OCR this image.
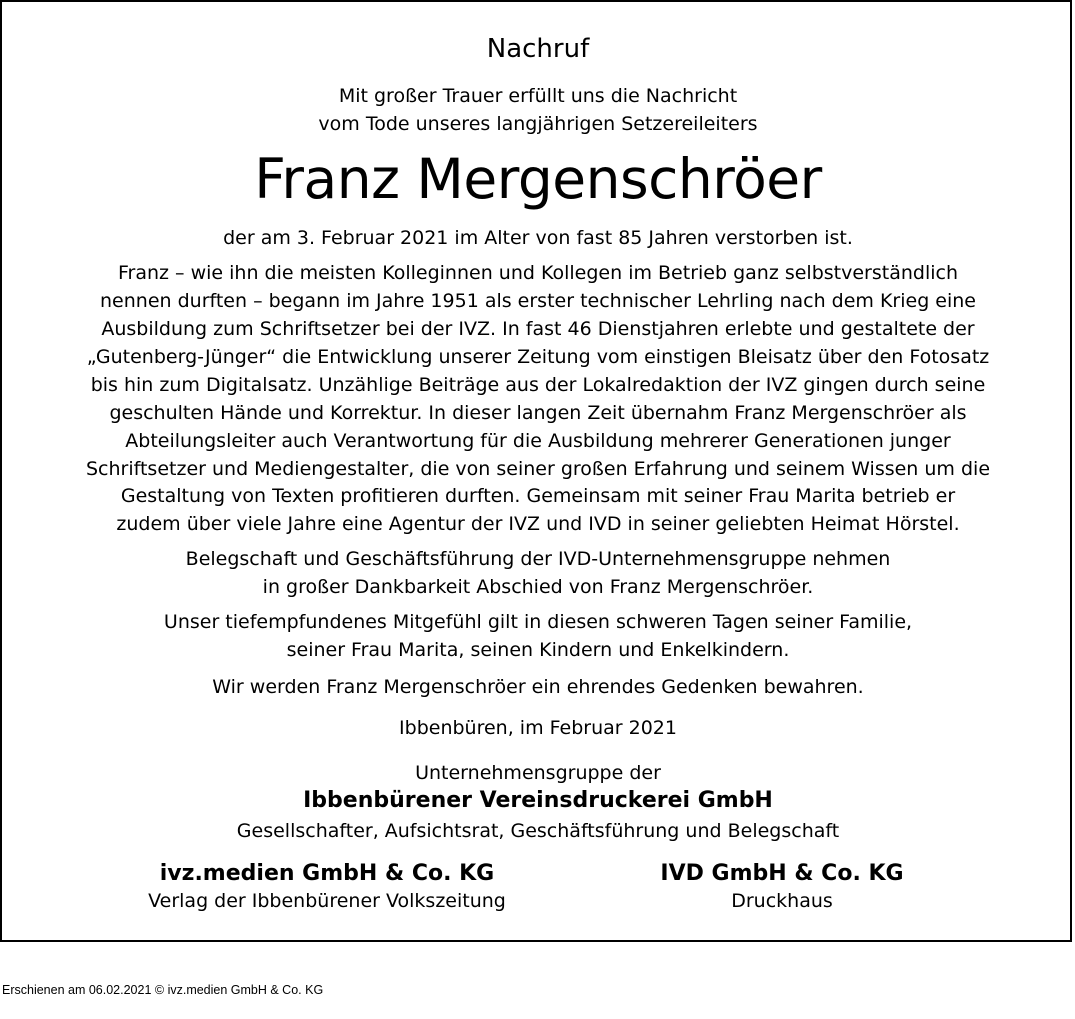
Nachruf
Mit großer Trauer erfüllt uns die Nachricht
vom Tode unseres langjährigen Setzereileiters
Franz Mergenschröer
der am 3. Februar 2021 im Alter von fast 85 Jahren verstorben ist.
Franz – wie ihn die meisten Kolleginnen und Kollegen im Betrieb ganz selbstverständlich
nennen durften – begann im Jahre 1951 als erster technischer Lehrling nach dem Krieg eine
Ausbildung zum Schriftsetzer bei der IVZ. In fast 46 Dienstjahren erlebte und gestaltete der
„Gutenberg-Jünger“ die Entwicklung unserer Zeitung vom einstigen Bleisatz über den Fotosatz
bis hin zum Digitalsatz. Unzählige Beiträge aus der Lokalredaktion der IVZ gingen durch seine
geschulten Hände und Korrektur. In dieser langen Zeit übernahm Franz Mergenschröer als
Abteilungsleiter auch Verantwortung für die Ausbildung mehrerer Generationen junger
Schriftsetzer und Mediengestalter, die von seiner großen Erfahrung und seinem Wissen um die
Gestaltung von Texten profitieren durften. Gemeinsam mit seiner Frau Marita betrieb er
zudem über viele Jahre eine Agentur der IVZ und IVD in seiner geliebten Heimat Hörstel.
Belegschaft und Geschäftsführung der IVD-Unternehmensgruppe nehmen
in großer Dankbarkeit Abschied von Franz Mergenschröer.
Unser tiefempfundenes Mitgefühl gilt in diesen schweren Tagen seiner Familie,
seiner Frau Marita, seinen Kindern und Enkelkindern.
Wir werden Franz Mergenschröer ein ehrendes Gedenken bewahren.
Ibbenbüren, im Februar 2021
Unternehmensgruppe der
Ibbenbürener Vereinsdruckerei GmbH
Gesellschafter, Aufsichtsrat, Geschäftsführung und Belegschaft
ivz.medien GmbH & Co. KG
Verlag der Ibbenbürener Volkszeitung
IVD GmbH & Co. KG
Druckhaus
Erschienen am 06.02.2021 © ivz.medien GmbH & Co. KG
